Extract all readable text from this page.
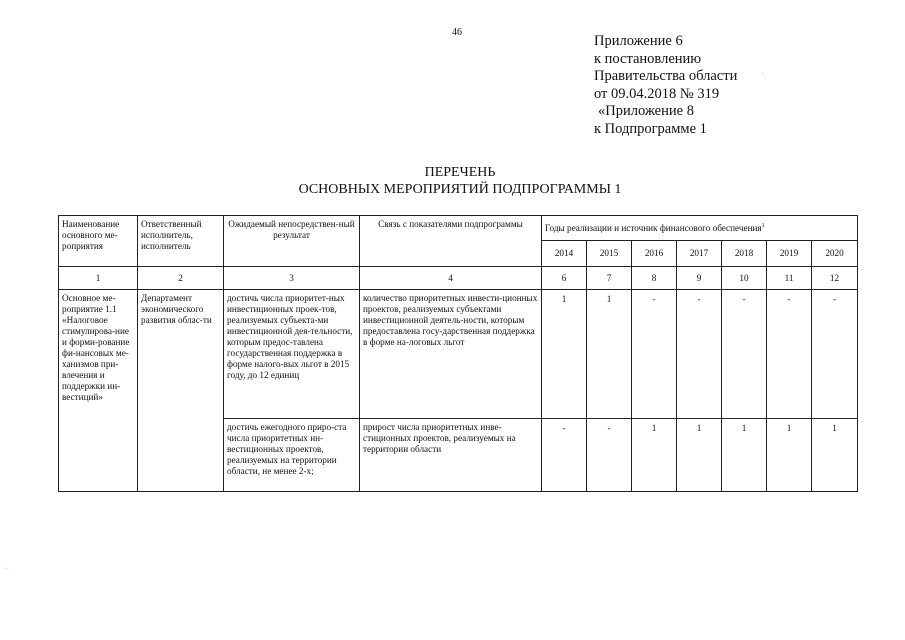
46
.
··
Приложение 6
к постановлению
Правительства области
от 09.04.2018 № 319
«Приложение 8
к Подпрограмме 1
ПЕРЕЧЕНЬ
ОСНОВНЫХ МЕРОПРИЯТИЙ ПОДПРОГРАММЫ 1
Наименование основного ме-роприятия	Ответственный исполнитель, исполнитель	Ожидаемый непосредствен-ный результат	Связь с показателями подпрограммы	Годы реализации и источник финансового обеспечения$^1$
				2014	2015	2016	2017	2018	2019	2020
1	2	3	4	6	7	8	9	10	11	12
Основное ме-роприятие 1.1 «Налоговое стимулирова-ние и форми-рование фи-нансовых ме-ханизмов при-влечения и поддержки ин-вестиций»	Департамент экономического развития облас-ти	достичь числа приоритет-ных инвестиционных проек-тов, реализуемых субъекта-ми инвестиционной дея-тельности, которым предос-тавлена государственная поддержка в форме налого-вых льгот в 2015 году, до 12 единиц	количество приоритетных инвести-ционных проектов, реализуемых субъектами инвестиционной деятель-ности, которым предоставлена госу-дарственная поддержка в форме на-логовых льгот	1	1	-	-	-	-	-
		достичь ежегодного приро-ста числа приоритетных ин-вестиционных проектов, реализуемых на территории области, не менее 2-х;	прирост числа приоритетных инве-стиционных проектов, реализуемых на территории области	-	-	1	1	1	1	1
